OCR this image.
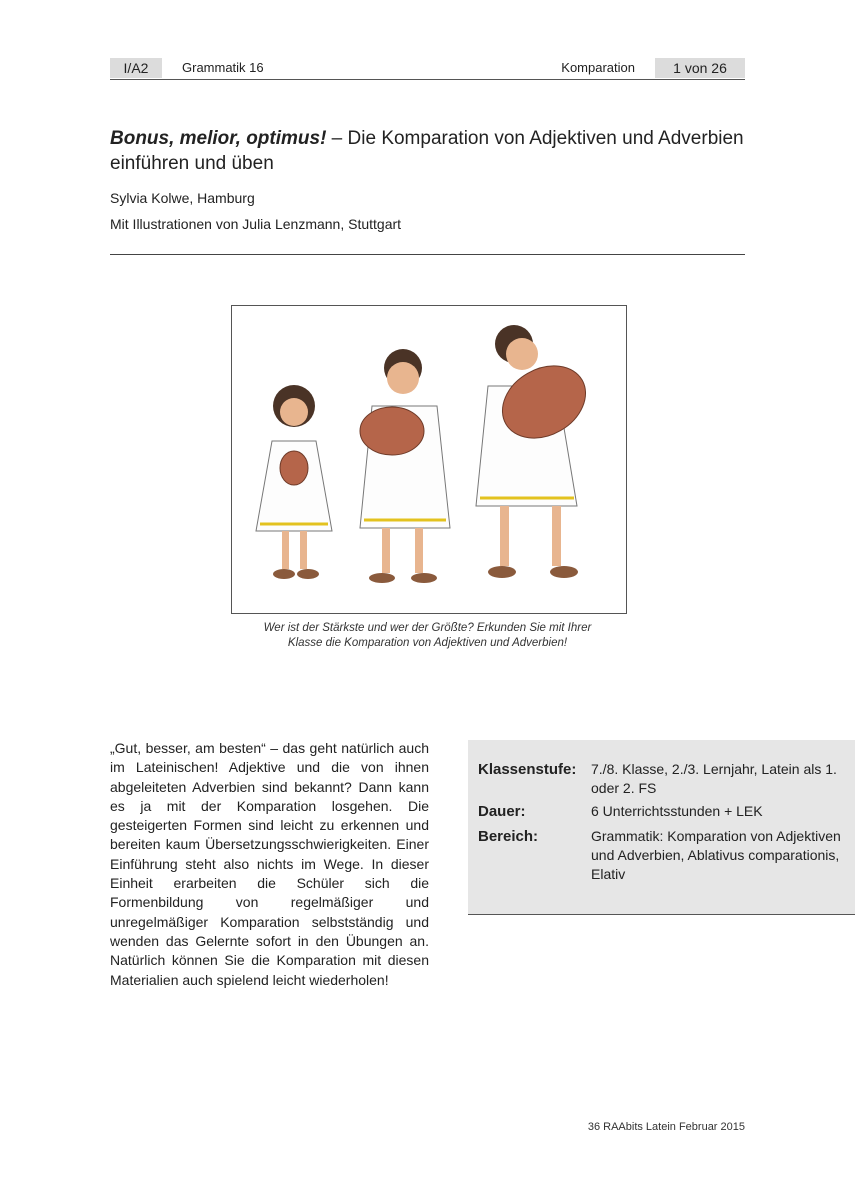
I/A2	Grammatik 16	Komparation	1 von 26
Bonus, melior, optimus! – Die Komparation von Adjektiven und Adverbien einführen und üben
Sylvia Kolwe, Hamburg
Mit Illustrationen von Julia Lenzmann, Stuttgart
Wer ist der Stärkste und wer der Größte? Erkunden Sie mit Ihrer
Klasse die Komparation von Adjektiven und Adverbien!
„Gut, besser, am besten“ – das geht natürlich auch im Lateinischen! Adjektive und die von ihnen abgeleiteten Adverbien sind bekannt? Dann kann es ja mit der Komparation losgehen. Die gesteigerten Formen sind leicht zu erkennen und bereiten kaum Übersetzungsschwierigkeiten. Einer Einführung steht also nichts im Wege. In dieser Einheit erarbeiten die Schüler sich die Formenbildung von regelmäßiger und unregelmäßiger Komparation selbstständig und wenden das Gelernte sofort in den Übungen an. Natürlich können Sie die Komparation mit diesen Materialien auch spielend leicht wiederholen!
Klassenstufe: 7./8. Klasse, 2./3. Lernjahr, Latein als 1. oder 2. FS
Dauer:	6 Unterrichtsstunden + LEK
Bereich:	Grammatik: Komparation von Adjektiven und Adverbien, Ablativus comparationis, Elativ
36 RAAbits Latein Februar 2015
